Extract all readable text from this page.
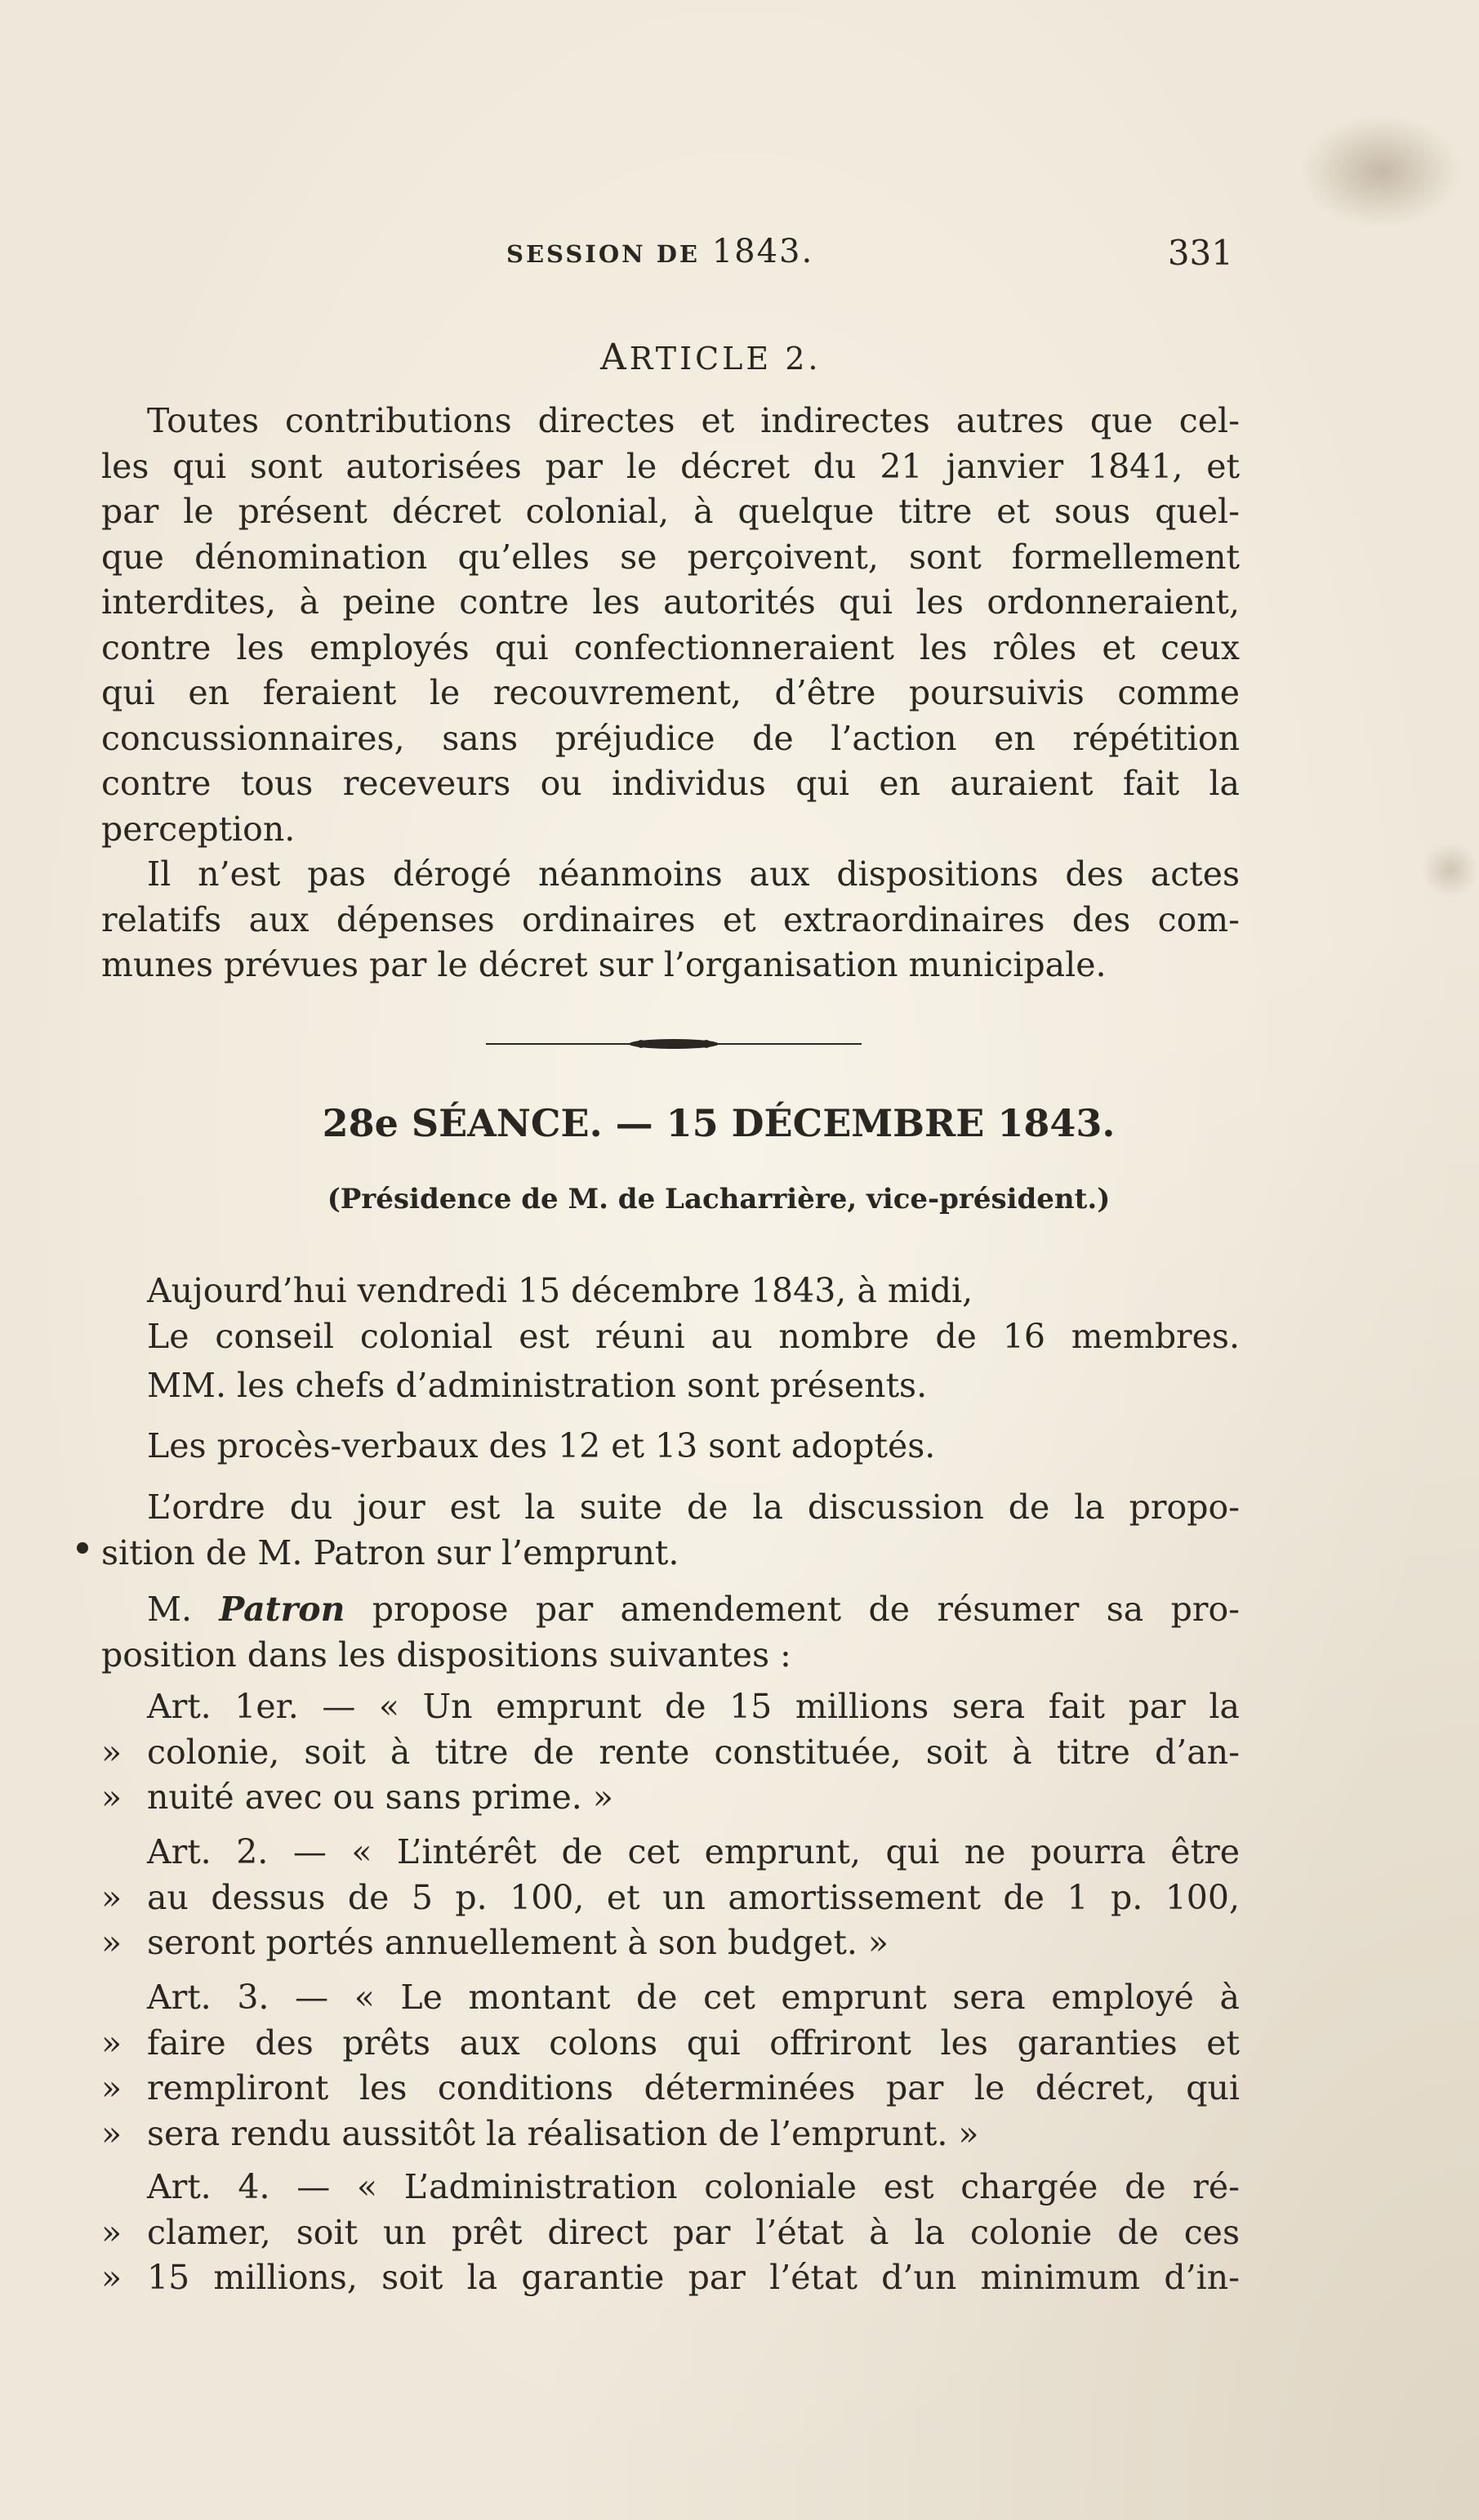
SESSION DE 1843.	331
ARTICLE 2.
Toutes contributions directes et indirectes autres que cel-
les qui sont autorisées par le décret du 21 janvier 1841, et
par le présent décret colonial, à quelque titre et sous quel-
que dénomination qu’elles se perçoivent, sont formellement
interdites, à peine contre les autorités qui les ordonneraient,
contre les employés qui confectionneraient les rôles et ceux
qui en feraient le recouvrement, d’être poursuivis comme
concussionnaires, sans préjudice de l’action en répétition
contre tous receveurs ou individus qui en auraient fait la
perception.
Il n’est pas dérogé néanmoins aux dispositions des actes
relatifs aux dépenses ordinaires et extraordinaires des com-
munes prévues par le décret sur l’organisation municipale.
28e SÉANCE. — 15 DÉCEMBRE 1843.
(Présidence de M. de Lacharrière, vice-président.)
Aujourd’hui vendredi 15 décembre 1843, à midi,
Le conseil colonial est réuni au nombre de 16 membres.
MM. les chefs d’administration sont présents.
Les procès-verbaux des 12 et 13 sont adoptés.
L’ordre du jour est la suite de la discussion de la propo-
sition de M. Patron sur l’emprunt.
M. Patron propose par amendement de résumer sa pro-
position dans les dispositions suivantes :
Art. 1er. — « Un emprunt de 15 millions sera fait par la
» colonie, soit à titre de rente constituée, soit à titre d’an-
» nuité avec ou sans prime. »
Art. 2. — « L’intérêt de cet emprunt, qui ne pourra être
» au dessus de 5 p. 100, et un amortissement de 1 p. 100,
» seront portés annuellement à son budget. »
Art. 3. — « Le montant de cet emprunt sera employé à
» faire des prêts aux colons qui offriront les garanties et
» rempliront les conditions déterminées par le décret, qui
» sera rendu aussitôt la réalisation de l’emprunt. »
Art. 4. — « L’administration coloniale est chargée de ré-
» clamer, soit un prêt direct par l’état à la colonie de ces
» 15 millions, soit la garantie par l’état d’un minimum d’in-
